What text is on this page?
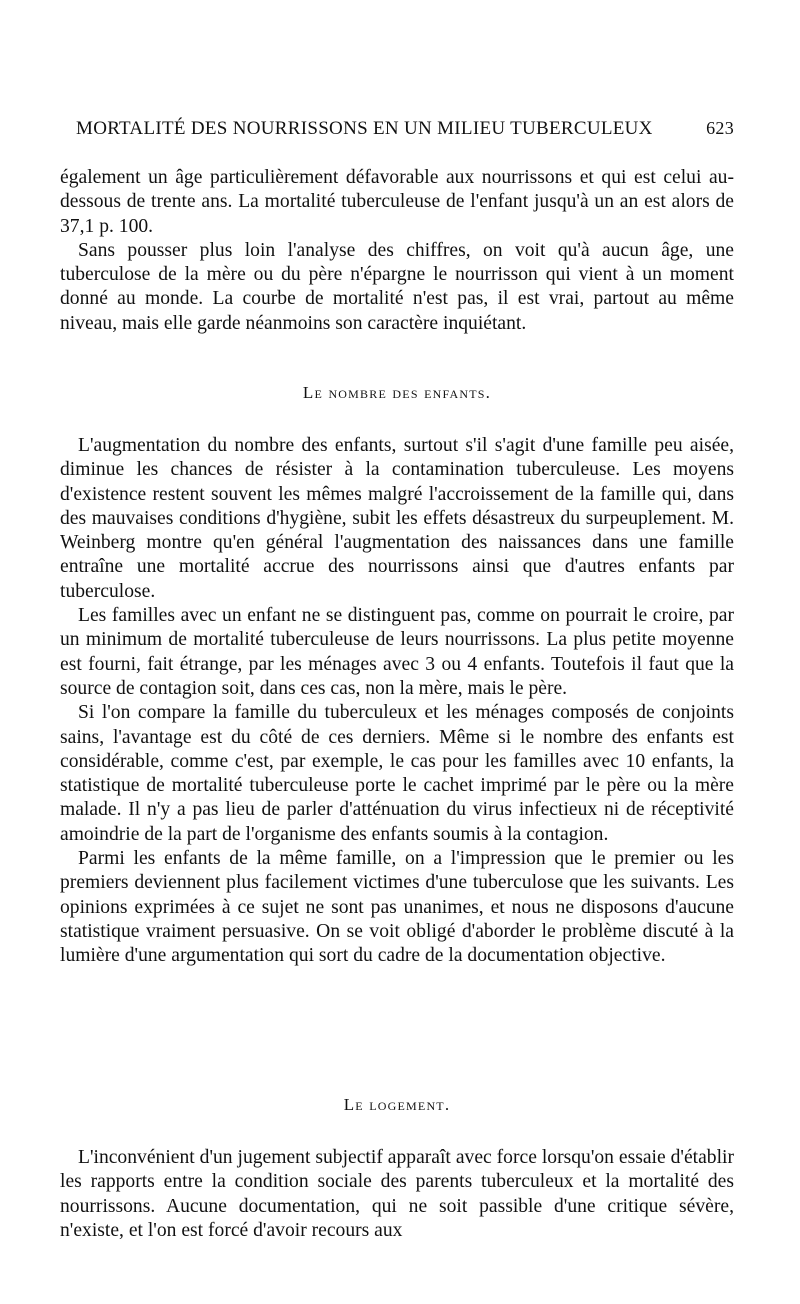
MORTALITÉ DES NOURRISSONS EN UN MILIEU TUBERCULEUX	623

également un âge particulièrement défavorable aux nourrissons et qui est celui au-dessous de trente ans. La mortalité tuberculeuse de l'enfant jusqu'à un an est alors de 37,1 p. 100.

Sans pousser plus loin l'analyse des chiffres, on voit qu'à aucun âge, une tuberculose de la mère ou du père n'épargne le nourrisson qui vient à un moment donné au monde. La courbe de mortalité n'est pas, il est vrai, partout au même niveau, mais elle garde néanmoins son caractère inquiétant.

Le nombre des enfants.

L'augmentation du nombre des enfants, surtout s'il s'agit d'une famille peu aisée, diminue les chances de résister à la contamination tuberculeuse. Les moyens d'existence restent souvent les mêmes malgré l'accroissement de la famille qui, dans des mauvaises conditions d'hygiène, subit les effets désastreux du surpeuplement. M. Weinberg montre qu'en général l'augmentation des naissances dans une famille entraîne une mortalité accrue des nourrissons ainsi que d'autres enfants par tuberculose.

Les familles avec un enfant ne se distinguent pas, comme on pourrait le croire, par un minimum de mortalité tuberculeuse de leurs nourrissons. La plus petite moyenne est fourni, fait étrange, par les ménages avec 3 ou 4 enfants. Toutefois il faut que la source de contagion soit, dans ces cas, non la mère, mais le père.

Si l'on compare la famille du tuberculeux et les ménages composés de conjoints sains, l'avantage est du côté de ces derniers. Même si le nombre des enfants est considérable, comme c'est, par exemple, le cas pour les familles avec 10 enfants, la statistique de mortalité tuberculeuse porte le cachet imprimé par le père ou la mère malade. Il n'y a pas lieu de parler d'atténuation du virus infectieux ni de réceptivité amoindrie de la part de l'organisme des enfants soumis à la contagion.

Parmi les enfants de la même famille, on a l'impression que le premier ou les premiers deviennent plus facilement victimes d'une tuberculose que les suivants. Les opinions exprimées à ce sujet ne sont pas unanimes, et nous ne disposons d'aucune statistique vraiment persuasive. On se voit obligé d'aborder le problème discuté à la lumière d'une argumentation qui sort du cadre de la documentation objective.

Le logement.

L'inconvénient d'un jugement subjectif apparaît avec force lorsqu'on essaie d'établir les rapports entre la condition sociale des parents tuberculeux et la mortalité des nourrissons. Aucune documentation, qui ne soit passible d'une critique sévère, n'existe, et l'on est forcé d'avoir recours aux
